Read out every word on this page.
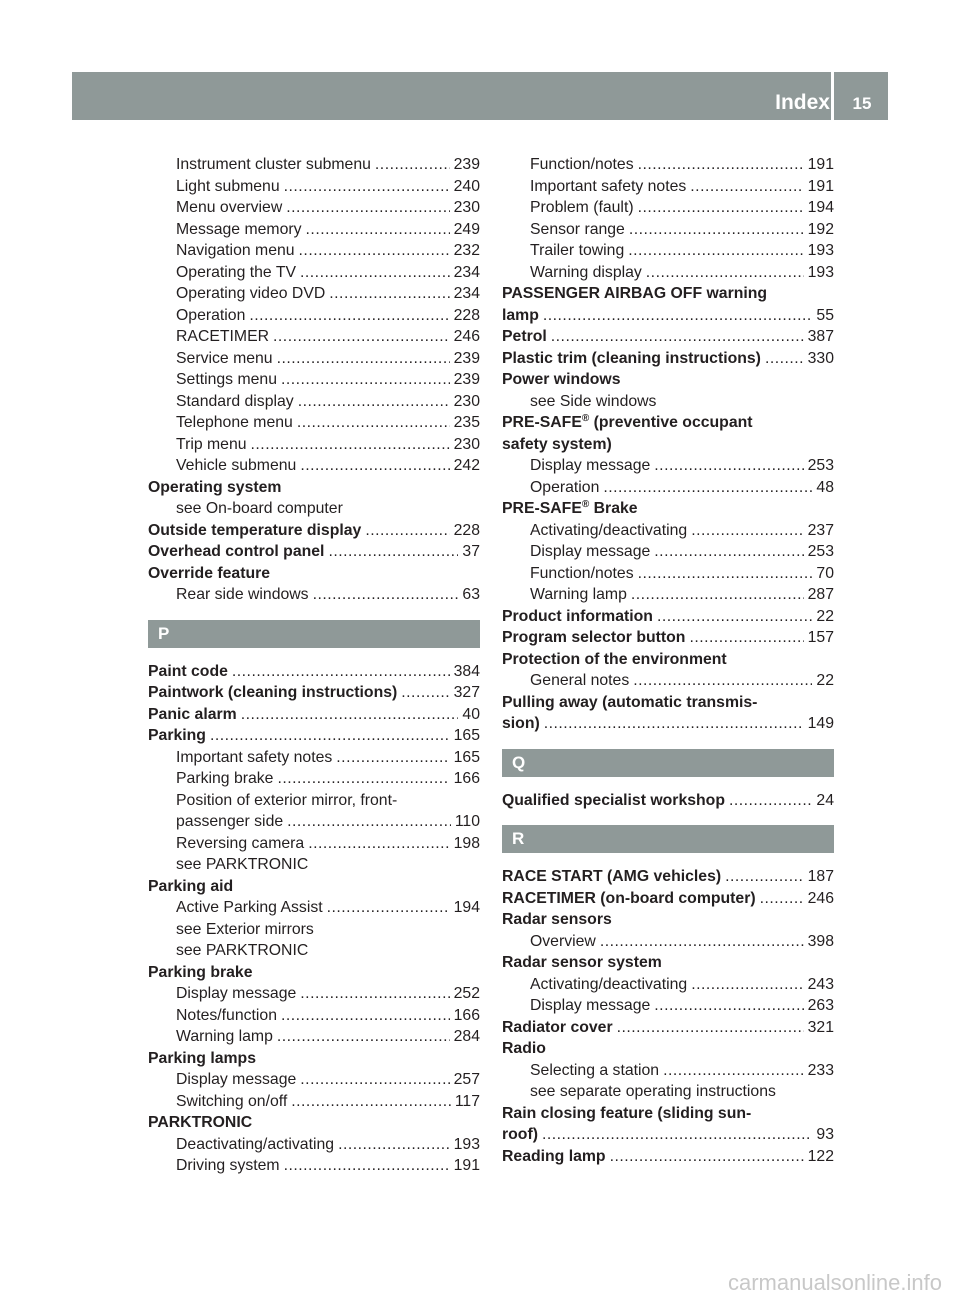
Index	15
Instrument cluster submenu .....	239
Light submenu .....	240
Menu overview .....	230
Message memory .....	249
Navigation menu .....	232
Operating the TV .....	234
Operating video DVD .....	234
Operation .....	228
RACETIMER .....	246
Service menu .....	239
Settings menu .....	239
Standard display .....	230
Telephone menu .....	235
Trip menu .....	230
Vehicle submenu .....	242
Operating system
see On-board computer
Outside temperature display .....	228
Overhead control panel .....	37
Override feature
Rear side windows .....	63
P
Paint code .....	384
Paintwork (cleaning instructions) .....	327
Panic alarm .....	40
Parking .....	165
Important safety notes .....	165
Parking brake .....	166
Position of exterior mirror, front-
passenger side .....	110
Reversing camera .....	198
see PARKTRONIC
Parking aid
Active Parking Assist .....	194
see Exterior mirrors
see PARKTRONIC
Parking brake
Display message .....	252
Notes/function .....	166
Warning lamp .....	284
Parking lamps
Display message .....	257
Switching on/off .....	117
PARKTRONIC
Deactivating/activating .....	193
Driving system .....	191
Function/notes .....	191
Important safety notes .....	191
Problem (fault) .....	194
Sensor range .....	192
Trailer towing .....	193
Warning display .....	193
PASSENGER AIRBAG OFF warning
lamp .....	55
Petrol .....	387
Plastic trim (cleaning instructions) .....	330
Power windows
see Side windows
PRE-SAFE® (preventive occupant
safety system)
Display message .....	253
Operation .....	48
PRE-SAFE® Brake
Activating/deactivating .....	237
Display message .....	253
Function/notes .....	70
Warning lamp .....	287
Product information .....	22
Program selector button .....	157
Protection of the environment
General notes .....	22
Pulling away (automatic transmis-
sion) .....	149
Q
Qualified specialist workshop .....	24
R
RACE START (AMG vehicles) .....	187
RACETIMER (on-board computer) .....	246
Radar sensors
Overview .....	398
Radar sensor system
Activating/deactivating .....	243
Display message .....	263
Radiator cover .....	321
Radio
Selecting a station .....	233
see separate operating instructions
Rain closing feature (sliding sun-
roof) .....	93
Reading lamp .....	122
carmanualsonline.info
